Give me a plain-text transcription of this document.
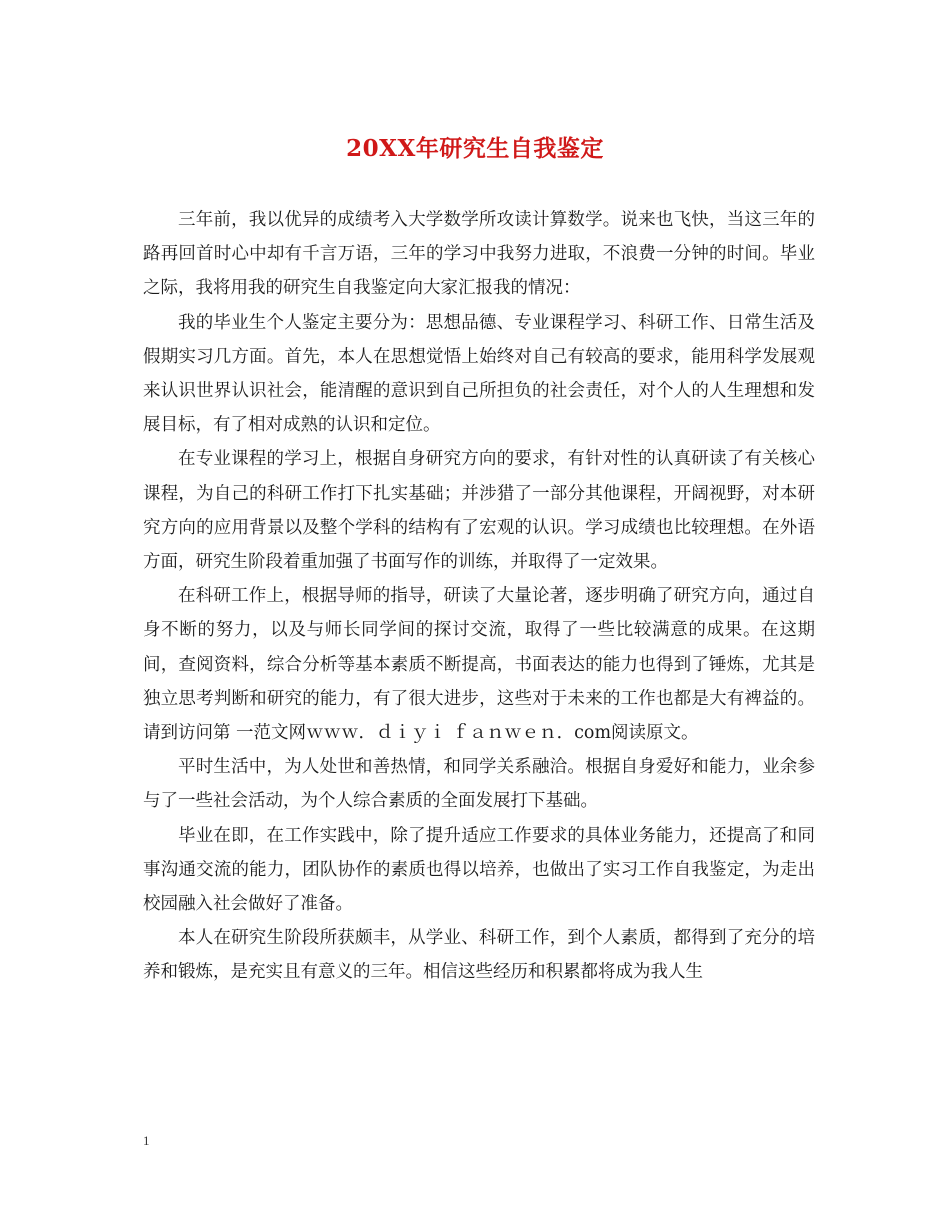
20XX年研究生自我鉴定

三年前，我以优异的成绩考入大学数学所攻读计算数学。说来也飞快，当这三年的路再回首时心中却有千言万语，三年的学习中我努力进取，不浪费一分钟的时间。毕业之际，我将用我的研究生自我鉴定向大家汇报我的情况：

我的毕业生个人鉴定主要分为：思想品德、专业课程学习、科研工作、日常生活及假期实习几方面。首先，本人在思想觉悟上始终对自己有较高的要求，能用科学发展观来认识世界认识社会，能清醒的意识到自己所担负的社会责任，对个人的人生理想和发展目标，有了相对成熟的认识和定位。

在专业课程的学习上，根据自身研究方向的要求，有针对性的认真研读了有关核心课程，为自己的科研工作打下扎实基础；并涉猎了一部分其他课程，开阔视野，对本研究方向的应用背景以及整个学科的结构有了宏观的认识。学习成绩也比较理想。在外语方面，研究生阶段着重加强了书面写作的训练，并取得了一定效果。

在科研工作上，根据导师的指导，研读了大量论著，逐步明确了研究方向，通过自身不断的努力，以及与师长同学间的探讨交流，取得了一些比较满意的成果。在这期间，查阅资料，综合分析等基本素质不断提高，书面表达的能力也得到了锤炼，尤其是独立思考判断和研究的能力，有了很大进步，这些对于未来的工作也都是大有裨益的。 请到访问第 一范文网ｗｗｗ．ｄｉｙｉ ｆａｎｗｅｎ．com阅读原文。

平时生活中，为人处世和善热情，和同学关系融洽。根据自身爱好和能力，业余参与了一些社会活动，为个人综合素质的全面发展打下基础。

毕业在即，在工作实践中，除了提升适应工作要求的具体业务能力，还提高了和同事沟通交流的能力，团队协作的素质也得以培养，也做出了实习工作自我鉴定，为走出校园融入社会做好了准备。

本人在研究生阶段所获颇丰，从学业、科研工作，到个人素质，都得到了充分的培养和锻炼，是充实且有意义的三年。相信这些经历和积累都将成为我人生

1
